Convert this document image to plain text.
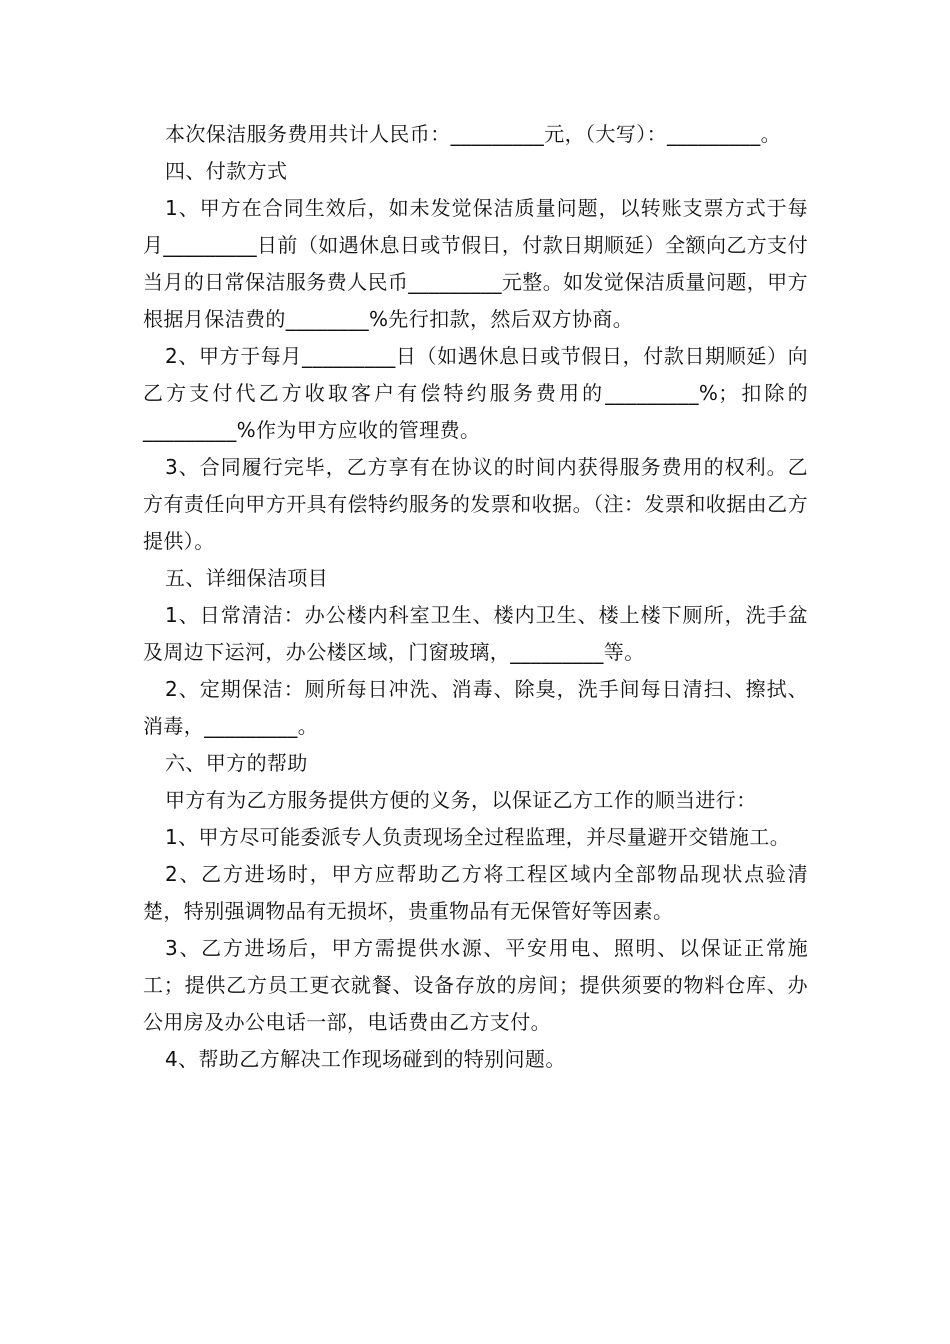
本次保洁服务费用共计人民币：_________元，（大写）：_________。

四、付款方式

1、甲方在合同生效后，如未发觉保洁质量问题，以转账支票方式于每月_________日前（如遇休息日或节假日，付款日期顺延）全额向乙方支付当月的日常保洁服务费人民币_________元整。如发觉保洁质量问题，甲方根据月保洁费的________%先行扣款，然后双方协商。

2、甲方于每月_________日（如遇休息日或节假日，付款日期顺延）向乙方支付代乙方收取客户有偿特约服务费用的_________%；扣除的_________%作为甲方应收的管理费。

3、合同履行完毕，乙方享有在协议的时间内获得服务费用的权利。乙方有责任向甲方开具有偿特约服务的发票和收据。（注：发票和收据由乙方提供）。

五、详细保洁项目

1、日常清洁：办公楼内科室卫生、楼内卫生、楼上楼下厕所，洗手盆及周边下运河，办公楼区域，门窗玻璃，_________等。

2、定期保洁：厕所每日冲洗、消毒、除臭，洗手间每日清扫、擦拭、消毒，_________。

六、甲方的帮助

甲方有为乙方服务提供方便的义务，以保证乙方工作的顺当进行：

1、甲方尽可能委派专人负责现场全过程监理，并尽量避开交错施工。

2、乙方进场时，甲方应帮助乙方将工程区域内全部物品现状点验清楚，特别强调物品有无损坏，贵重物品有无保管好等因素。

3、乙方进场后，甲方需提供水源、平安用电、照明、以保证正常施工；提供乙方员工更衣就餐、设备存放的房间；提供须要的物料仓库、办公用房及办公电话一部，电话费由乙方支付。

4、帮助乙方解决工作现场碰到的特别问题。
